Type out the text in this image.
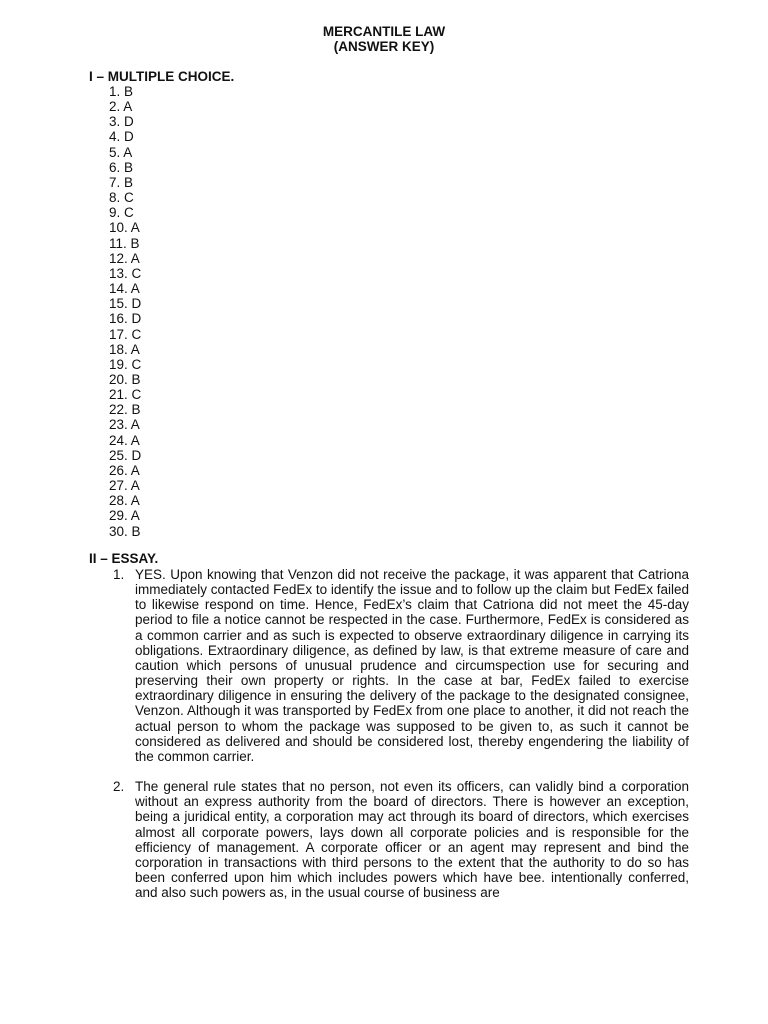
MERCANTILE LAW
(ANSWER KEY)
I – MULTIPLE CHOICE.
1. B
2. A
3. D
4. D
5. A
6. B
7. B
8. C
9. C
10. A
11. B
12. A
13. C
14. A
15. D
16. D
17. C
18. A
19. C
20. B
21. C
22. B
23. A
24. A
25. D
26. A
27. A
28. A
29. A
30. B
II – ESSAY.
1. YES. Upon knowing that Venzon did not receive the package, it was apparent that Catriona immediately contacted FedEx to identify the issue and to follow up the claim but FedEx failed to likewise respond on time. Hence, FedEx’s claim that Catriona did not meet the 45-day period to file a notice cannot be respected in the case. Furthermore, FedEx is considered as a common carrier and as such is expected to observe extraordinary diligence in carrying its obligations. Extraordinary diligence, as defined by law, is that extreme measure of care and caution which persons of unusual prudence and circumspection use for securing and preserving their own property or rights. In the case at bar, FedEx failed to exercise extraordinary diligence in ensuring the delivery of the package to the designated consignee, Venzon. Although it was transported by FedEx from one place to another, it did not reach the actual person to whom the package was supposed to be given to, as such it cannot be considered as delivered and should be considered lost, thereby engendering the liability of the common carrier.
2. The general rule states that no person, not even its officers, can validly bind a corporation without an express authority from the board of directors. There is however an exception, being a juridical entity, a corporation may act through its board of directors, which exercises almost all corporate powers, lays down all corporate policies and is responsible for the efficiency of management. A corporate officer or an agent may represent and bind the corporation in transactions with third persons to the extent that the authority to do so has been conferred upon him which includes powers which have bee. intentionally conferred, and also such powers as, in the usual course of business are
